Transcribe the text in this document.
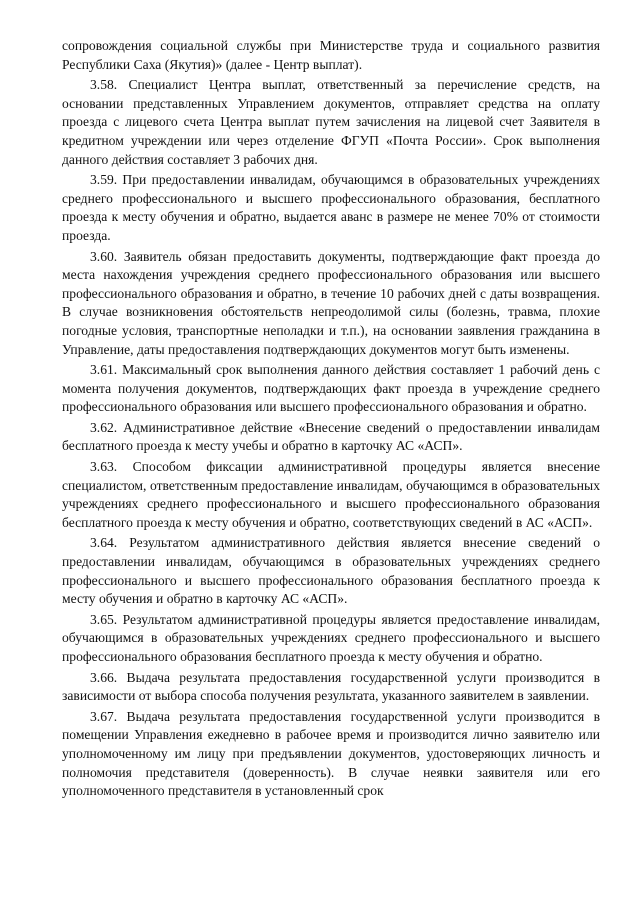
сопровождения социальной службы при Министерстве труда и социального развития Республики Саха (Якутия)» (далее - Центр выплат).

3.58. Специалист Центра выплат, ответственный за перечисление средств, на основании представленных Управлением документов, отправляет средства на оплату проезда с лицевого счета Центра выплат путем зачисления на лицевой счет Заявителя в кредитном учреждении или через отделение ФГУП «Почта России». Срок выполнения данного действия составляет 3 рабочих дня.

3.59. При предоставлении инвалидам, обучающимся в образовательных учреждениях среднего профессионального и высшего профессионального образования, бесплатного проезда к месту обучения и обратно, выдается аванс в размере не менее 70% от стоимости проезда.

3.60. Заявитель обязан предоставить документы, подтверждающие факт проезда до места нахождения учреждения среднего профессионального образования или высшего профессионального образования и обратно, в течение 10 рабочих дней с даты возвращения. В случае возникновения обстоятельств непреодолимой силы (болезнь, травма, плохие погодные условия, транспортные неполадки и т.п.), на основании заявления гражданина в Управление, даты предоставления подтверждающих документов могут быть изменены.

3.61. Максимальный срок выполнения данного действия составляет 1 рабочий день с момента получения документов, подтверждающих факт проезда в учреждение среднего профессионального образования или высшего профессионального образования и обратно.

3.62. Административное действие «Внесение сведений о предоставлении инвалидам бесплатного проезда к месту учебы и обратно в карточку АС «АСП».

3.63. Способом фиксации административной процедуры является внесение специалистом, ответственным предоставление инвалидам, обучающимся в образовательных учреждениях среднего профессионального и высшего профессионального образования бесплатного проезда к месту обучения и обратно, соответствующих сведений в АС «АСП».

3.64. Результатом административного действия является внесение сведений о предоставлении инвалидам, обучающимся в образовательных учреждениях среднего профессионального и высшего профессионального образования бесплатного проезда к месту обучения и обратно в карточку АС «АСП».

3.65. Результатом административной процедуры является предоставление инвалидам, обучающимся в образовательных учреждениях среднего профессионального и высшего профессионального образования бесплатного проезда к месту обучения и обратно.

3.66. Выдача результата предоставления государственной услуги производится в зависимости от выбора способа получения результата, указанного заявителем в заявлении.

3.67. Выдача результата предоставления государственной услуги производится в помещении Управления ежедневно в рабочее время и производится лично заявителю или уполномоченному им лицу при предъявлении документов, удостоверяющих личность и полномочия представителя (доверенность). В случае неявки заявителя или его уполномоченного представителя в установленный срок
